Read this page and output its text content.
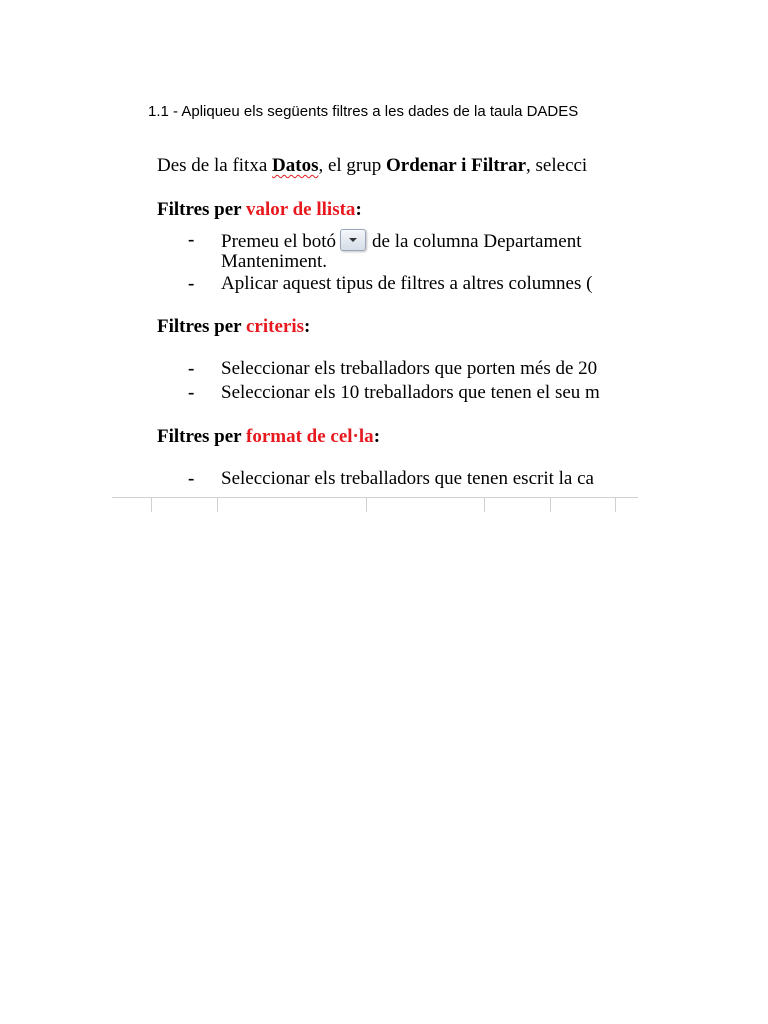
1.1 - Apliqueu els següents filtres a les dades de la taula DADES
Des de la fitxa Datos, el grup Ordenar i Filtrar, selecci
Filtres per valor de llista:
- Premeu el botó de la columna Departament
Manteniment.
- Aplicar aquest tipus de filtres a altres columnes (
Filtres per criteris:
- Seleccionar els treballadors que porten més de 20
- Seleccionar els 10 treballadors que tenen el seu m
Filtres per format de cel·la:
- Seleccionar els treballadors que tenen escrit la ca
